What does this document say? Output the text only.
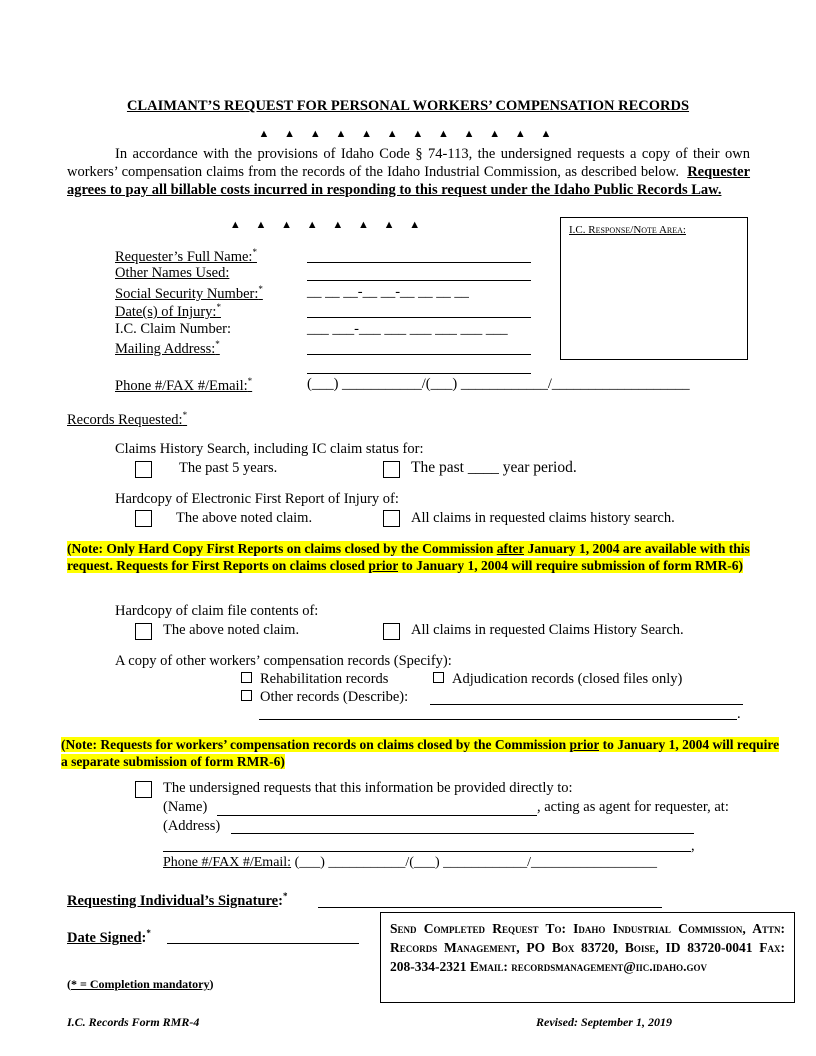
CLAIMANT’S REQUEST FOR PERSONAL WORKERS’ COMPENSATION RECORDS
▲ ▲ ▲ ▲ ▲ ▲ ▲ ▲ ▲ ▲ ▲ ▲
In accordance with the provisions of Idaho Code § 74-113, the undersigned requests a copy of their own workers’ compensation claims from the records of the Idaho Industrial Commission, as described below. Requester agrees to pay all billable costs incurred in responding to this request under the Idaho Public Records Law.
▲ ▲ ▲ ▲ ▲ ▲ ▲ ▲	I.C. Response/Note Area:
Requester’s Full Name:*
Other Names Used:
Social Security Number:*	__ __ __-__ __-__ __ __ __
Date(s) of Injury:*
I.C. Claim Number:	___ ___-___ ___ ___ ___ ___ ___
Mailing Address:*
Phone #/FAX #/Email:*	(___) ___________/(___) ____________/___________________
Records Requested:*
Claims History Search, including IC claim status for:
The past 5 years.	The past ____ year period.
Hardcopy of Electronic First Report of Injury of:
The above noted claim.	All claims in requested claims history search.
(Note: Only Hard Copy First Reports on claims closed by the Commission after January 1, 2004 are available with this request. Requests for First Reports on claims closed prior to January 1, 2004 will require submission of form RMR-6)
Hardcopy of claim file contents of:
The above noted claim.	All claims in requested Claims History Search.
A copy of other workers’ compensation records (Specify):
Rehabilitation records	Adjudication records (closed files only)
Other records (Describe):
.
(Note: Requests for workers’ compensation records on claims closed by the Commission prior to January 1, 2004 will require a separate submission of form RMR-6)
The undersigned requests that this information be provided directly to:
(Name)	, acting as agent for requester, at:
(Address)
,
Phone #/FAX #/Email: (___) ___________/(___) ____________/__________________
Requesting Individual’s Signature:*
Date Signed:*
(* = Completion mandatory)
Send Completed Request To: Idaho Industrial Commission, Attn: Records Management, PO Box 83720, Boise, ID 83720-0041 Fax: 208-334-2321 Email: recordsmanagement@iic.idaho.gov
I.C. Records Form RMR-4	Revised: September 1, 2019
